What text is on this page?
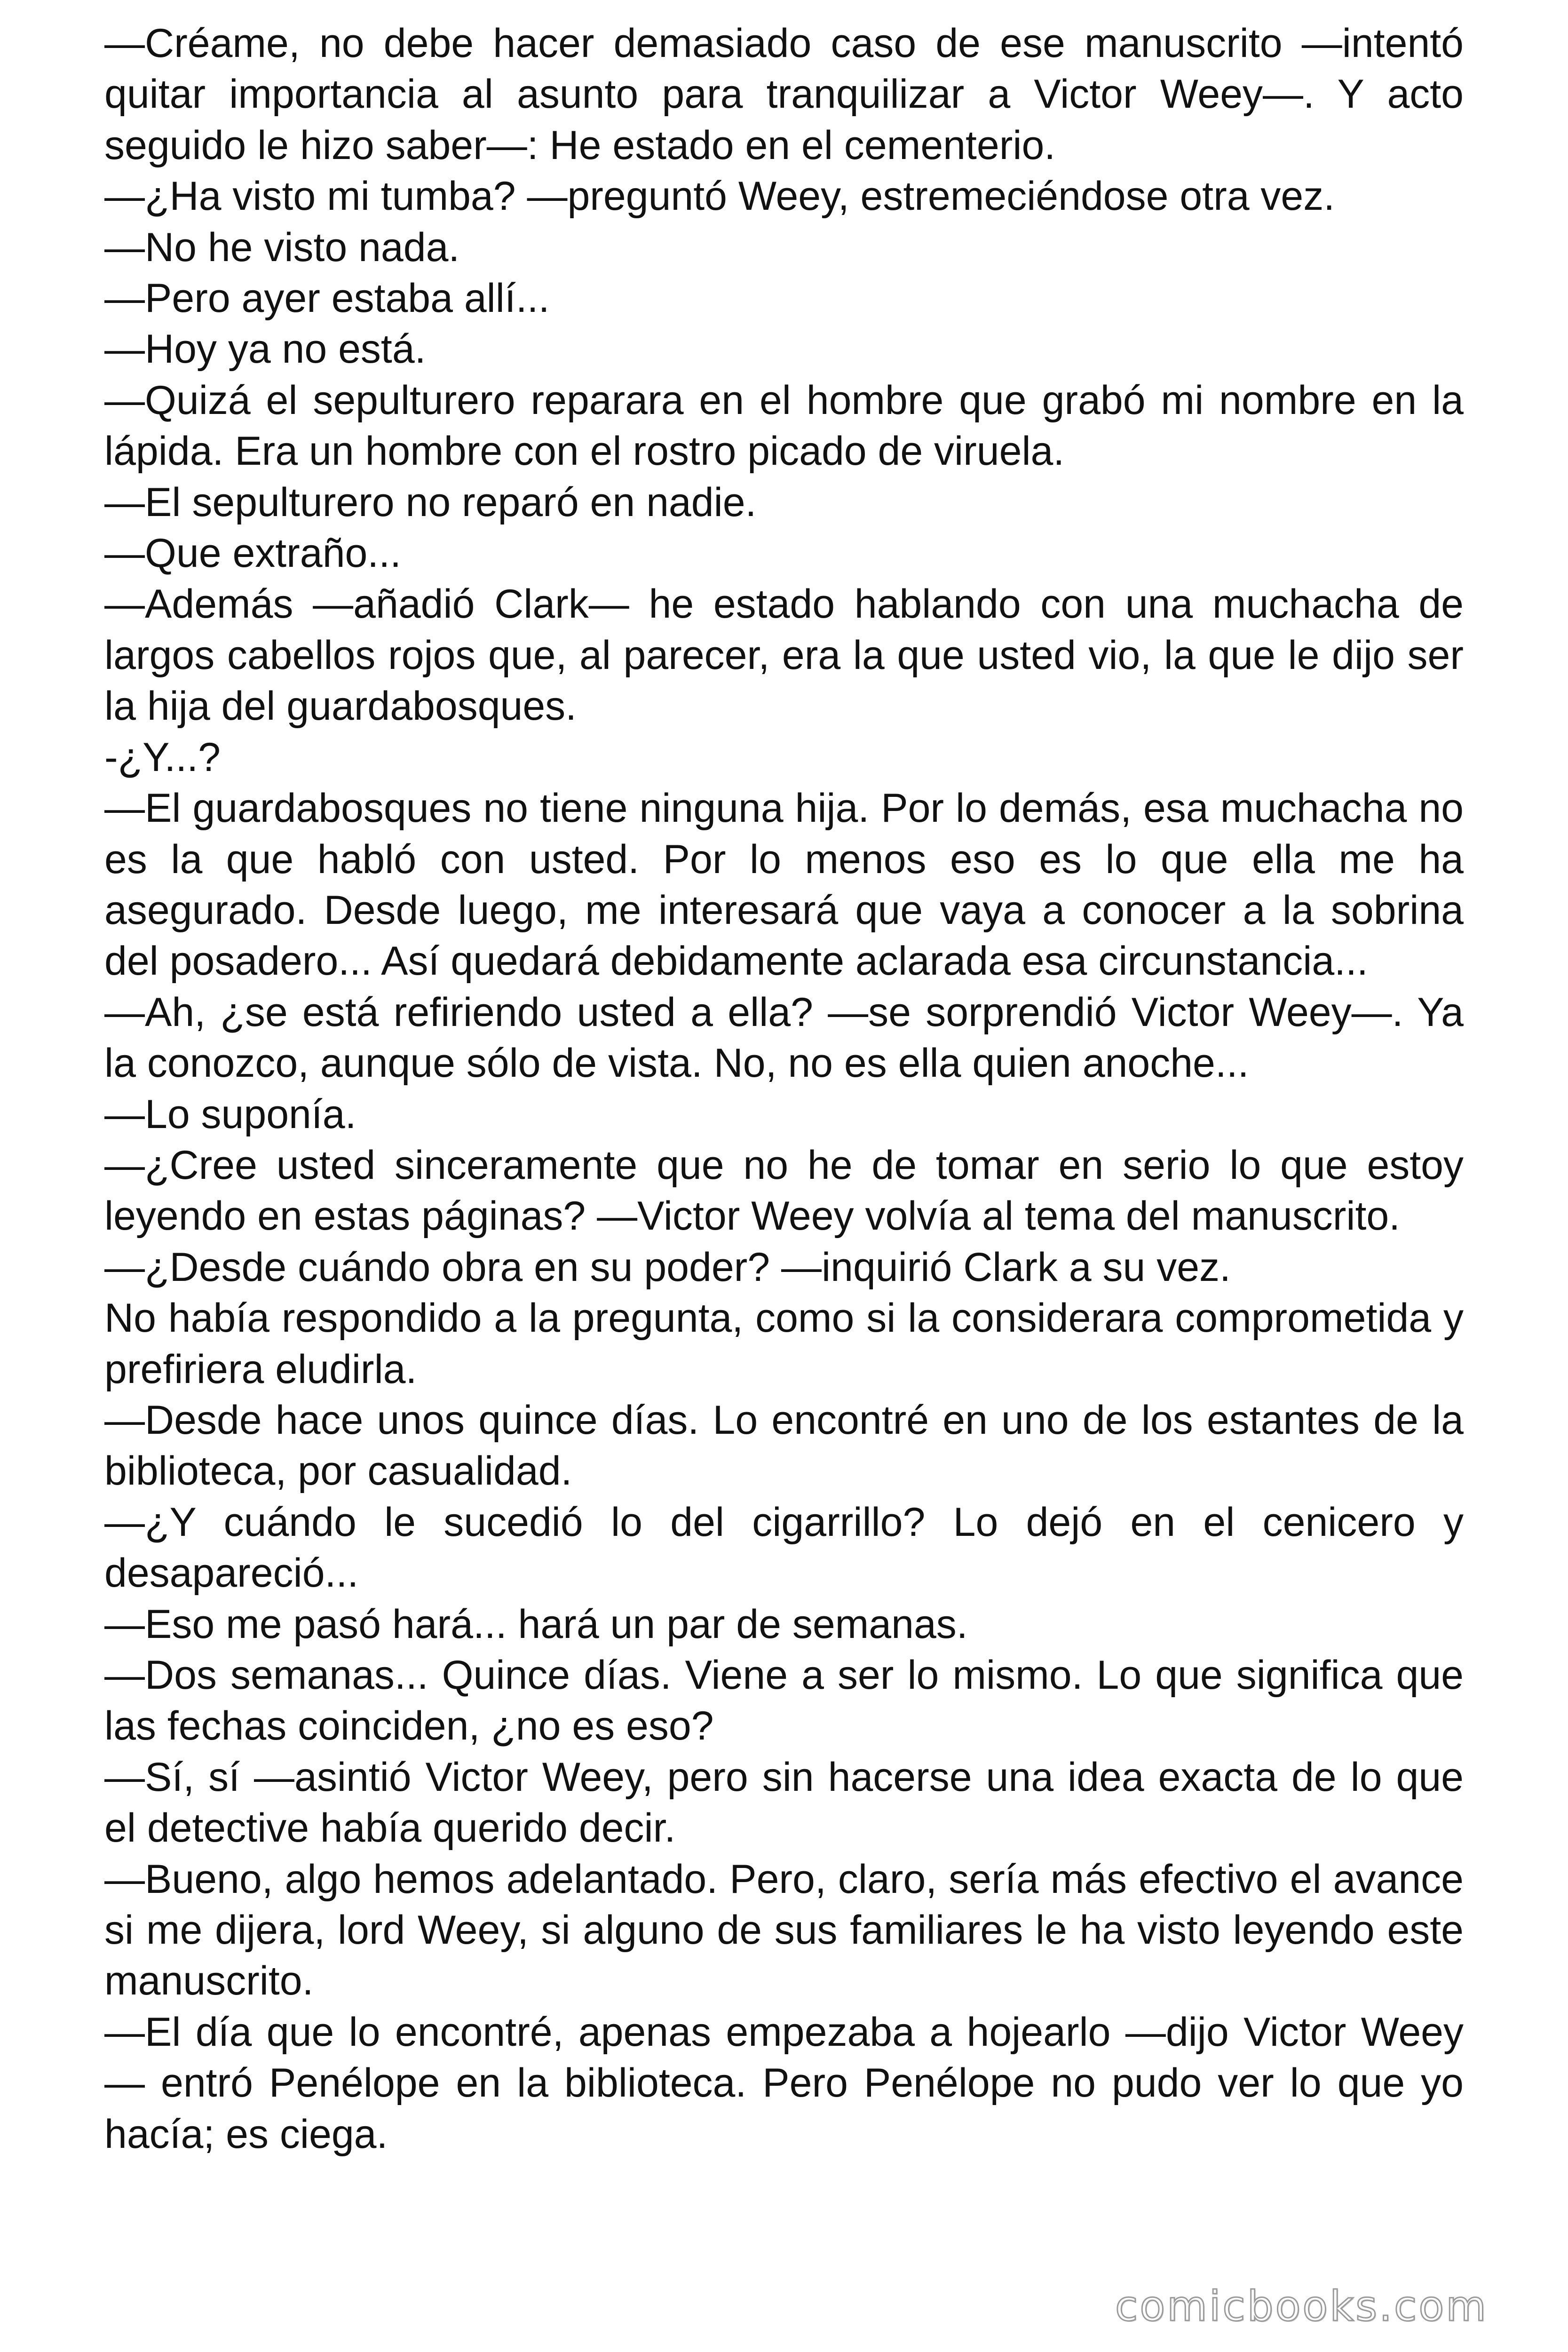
—Créame, no debe hacer demasiado caso de ese manuscrito —intentó quitar importancia al asunto para tranquilizar a Victor Weey—. Y acto seguido le hizo saber—: He estado en el cementerio.

—¿Ha visto mi tumba? —preguntó Weey, estremeciéndose otra vez.

—No he visto nada.

—Pero ayer estaba allí...

—Hoy ya no está.

—Quizá el sepulturero reparara en el hombre que grabó mi nombre en la lápida. Era un hombre con el rostro picado de viruela.

—El sepulturero no reparó en nadie.

—Que extraño...

—Además —añadió Clark— he estado hablando con una muchacha de largos cabellos rojos que, al parecer, era la que usted vio, la que le dijo ser la hija del guardabosques.

-¿Y...?

—El guardabosques no tiene ninguna hija. Por lo demás, esa muchacha no es la que habló con usted. Por lo menos eso es lo que ella me ha asegurado. Desde luego, me interesará que vaya a conocer a la sobrina del posadero... Así quedará debidamente aclarada esa circunstancia...

—Ah, ¿se está refiriendo usted a ella? —se sorprendió Victor Weey—. Ya la conozco, aunque sólo de vista. No, no es ella quien anoche...

—Lo suponía.

—¿Cree usted sinceramente que no he de tomar en serio lo que estoy leyendo en estas páginas? —Victor Weey volvía al tema del manuscrito.

—¿Desde cuándo obra en su poder? —inquirió Clark a su vez.

No había respondido a la pregunta, como si la considerara comprometida y prefiriera eludirla.

—Desde hace unos quince días. Lo encontré en uno de los estantes de la biblioteca, por casualidad.

—¿Y cuándo le sucedió lo del cigarrillo? Lo dejó en el cenicero y desapareció...

—Eso me pasó hará... hará un par de semanas.

—Dos semanas... Quince días. Viene a ser lo mismo. Lo que significa que las fechas coinciden, ¿no es eso?

—Sí, sí —asintió Victor Weey, pero sin hacerse una idea exacta de lo que el detective había querido decir.

—Bueno, algo hemos adelantado. Pero, claro, sería más efectivo el avance si me dijera, lord Weey, si alguno de sus familiares le ha visto leyendo este manuscrito.

—El día que lo encontré, apenas empezaba a hojearlo —dijo Victor Weey— entró Penélope en la biblioteca. Pero Penélope no pudo ver lo que yo hacía; es ciega.

comicbooks.com
